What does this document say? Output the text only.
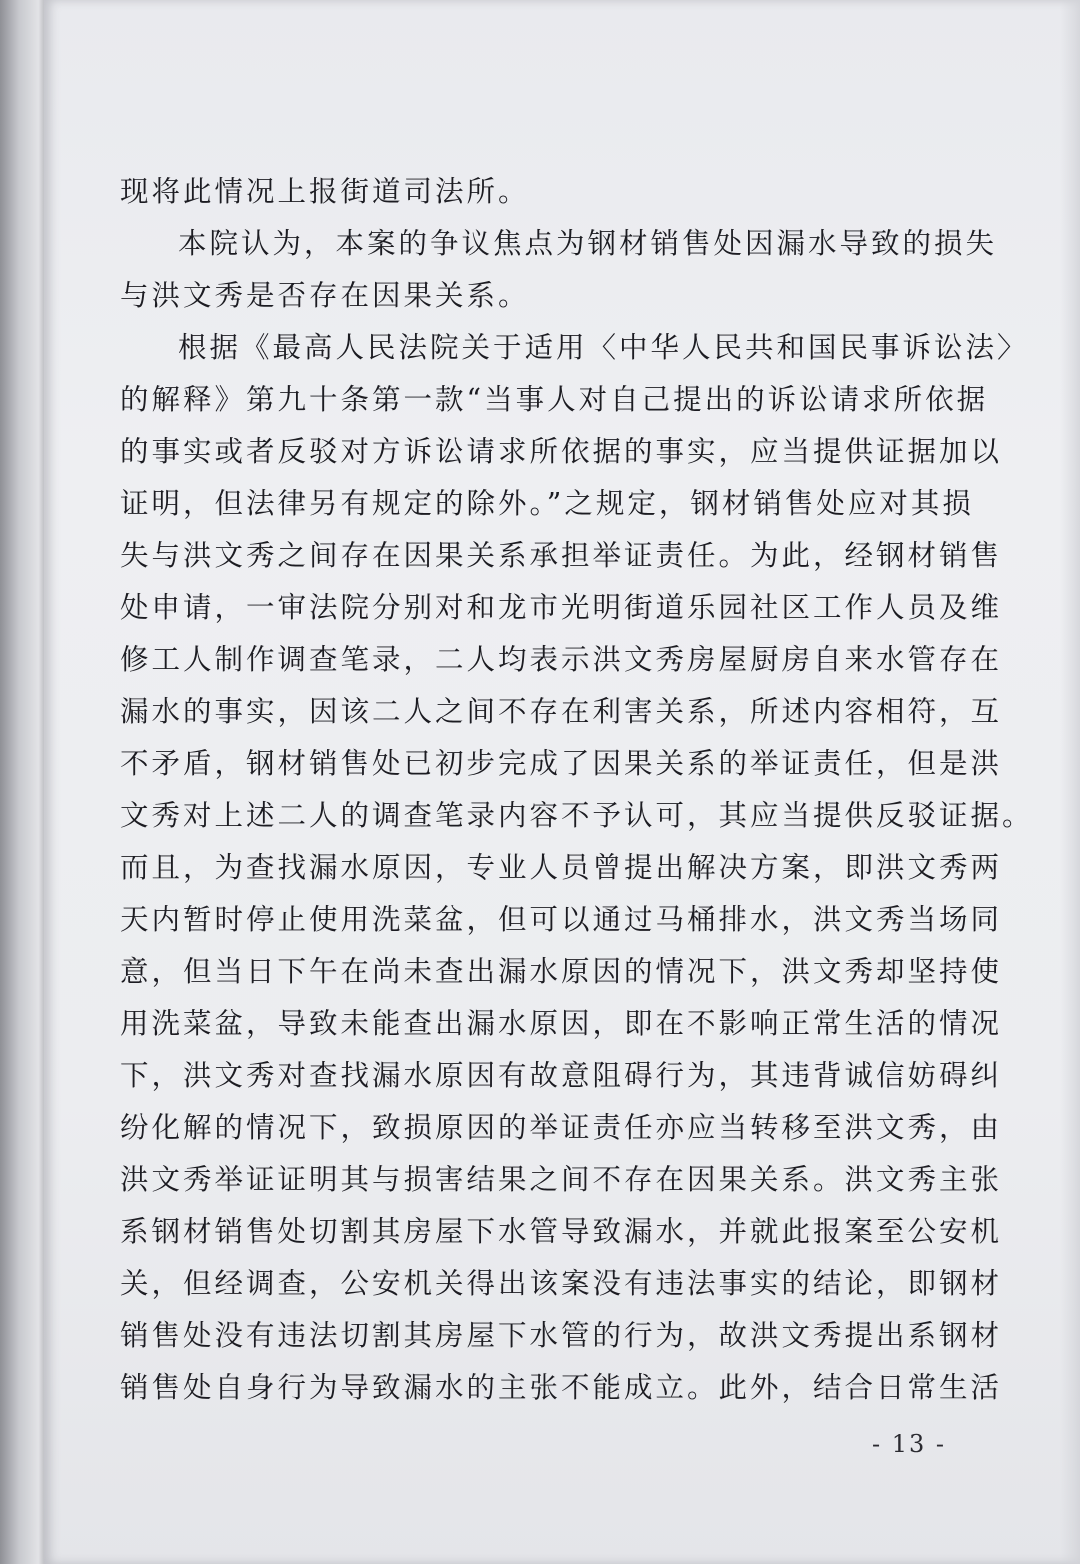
现将此情况上报街道司法所。
本院认为，本案的争议焦点为钢材销售处因漏水导致的损失
与洪文秀是否存在因果关系。
根据《最高人民法院关于适用〈中华人民共和国民事诉讼法〉
的解释》第九十条第一款“当事人对自己提出的诉讼请求所依据
的事实或者反驳对方诉讼请求所依据的事实，应当提供证据加以
证明，但法律另有规定的除外。”之规定，钢材销售处应对其损
失与洪文秀之间存在因果关系承担举证责任。为此，经钢材销售
处申请，一审法院分别对和龙市光明街道乐园社区工作人员及维
修工人制作调查笔录，二人均表示洪文秀房屋厨房自来水管存在
漏水的事实，因该二人之间不存在利害关系，所述内容相符，互
不矛盾，钢材销售处已初步完成了因果关系的举证责任，但是洪
文秀对上述二人的调查笔录内容不予认可，其应当提供反驳证据。
而且，为查找漏水原因，专业人员曾提出解决方案，即洪文秀两
天内暂时停止使用洗菜盆，但可以通过马桶排水，洪文秀当场同
意，但当日下午在尚未查出漏水原因的情况下，洪文秀却坚持使
用洗菜盆，导致未能查出漏水原因，即在不影响正常生活的情况
下，洪文秀对查找漏水原因有故意阻碍行为，其违背诚信妨碍纠
纷化解的情况下，致损原因的举证责任亦应当转移至洪文秀，由
洪文秀举证证明其与损害结果之间不存在因果关系。洪文秀主张
系钢材销售处切割其房屋下水管导致漏水，并就此报案至公安机
关，但经调查，公安机关得出该案没有违法事实的结论，即钢材
销售处没有违法切割其房屋下水管的行为，故洪文秀提出系钢材
销售处自身行为导致漏水的主张不能成立。此外，结合日常生活
- 13 -
